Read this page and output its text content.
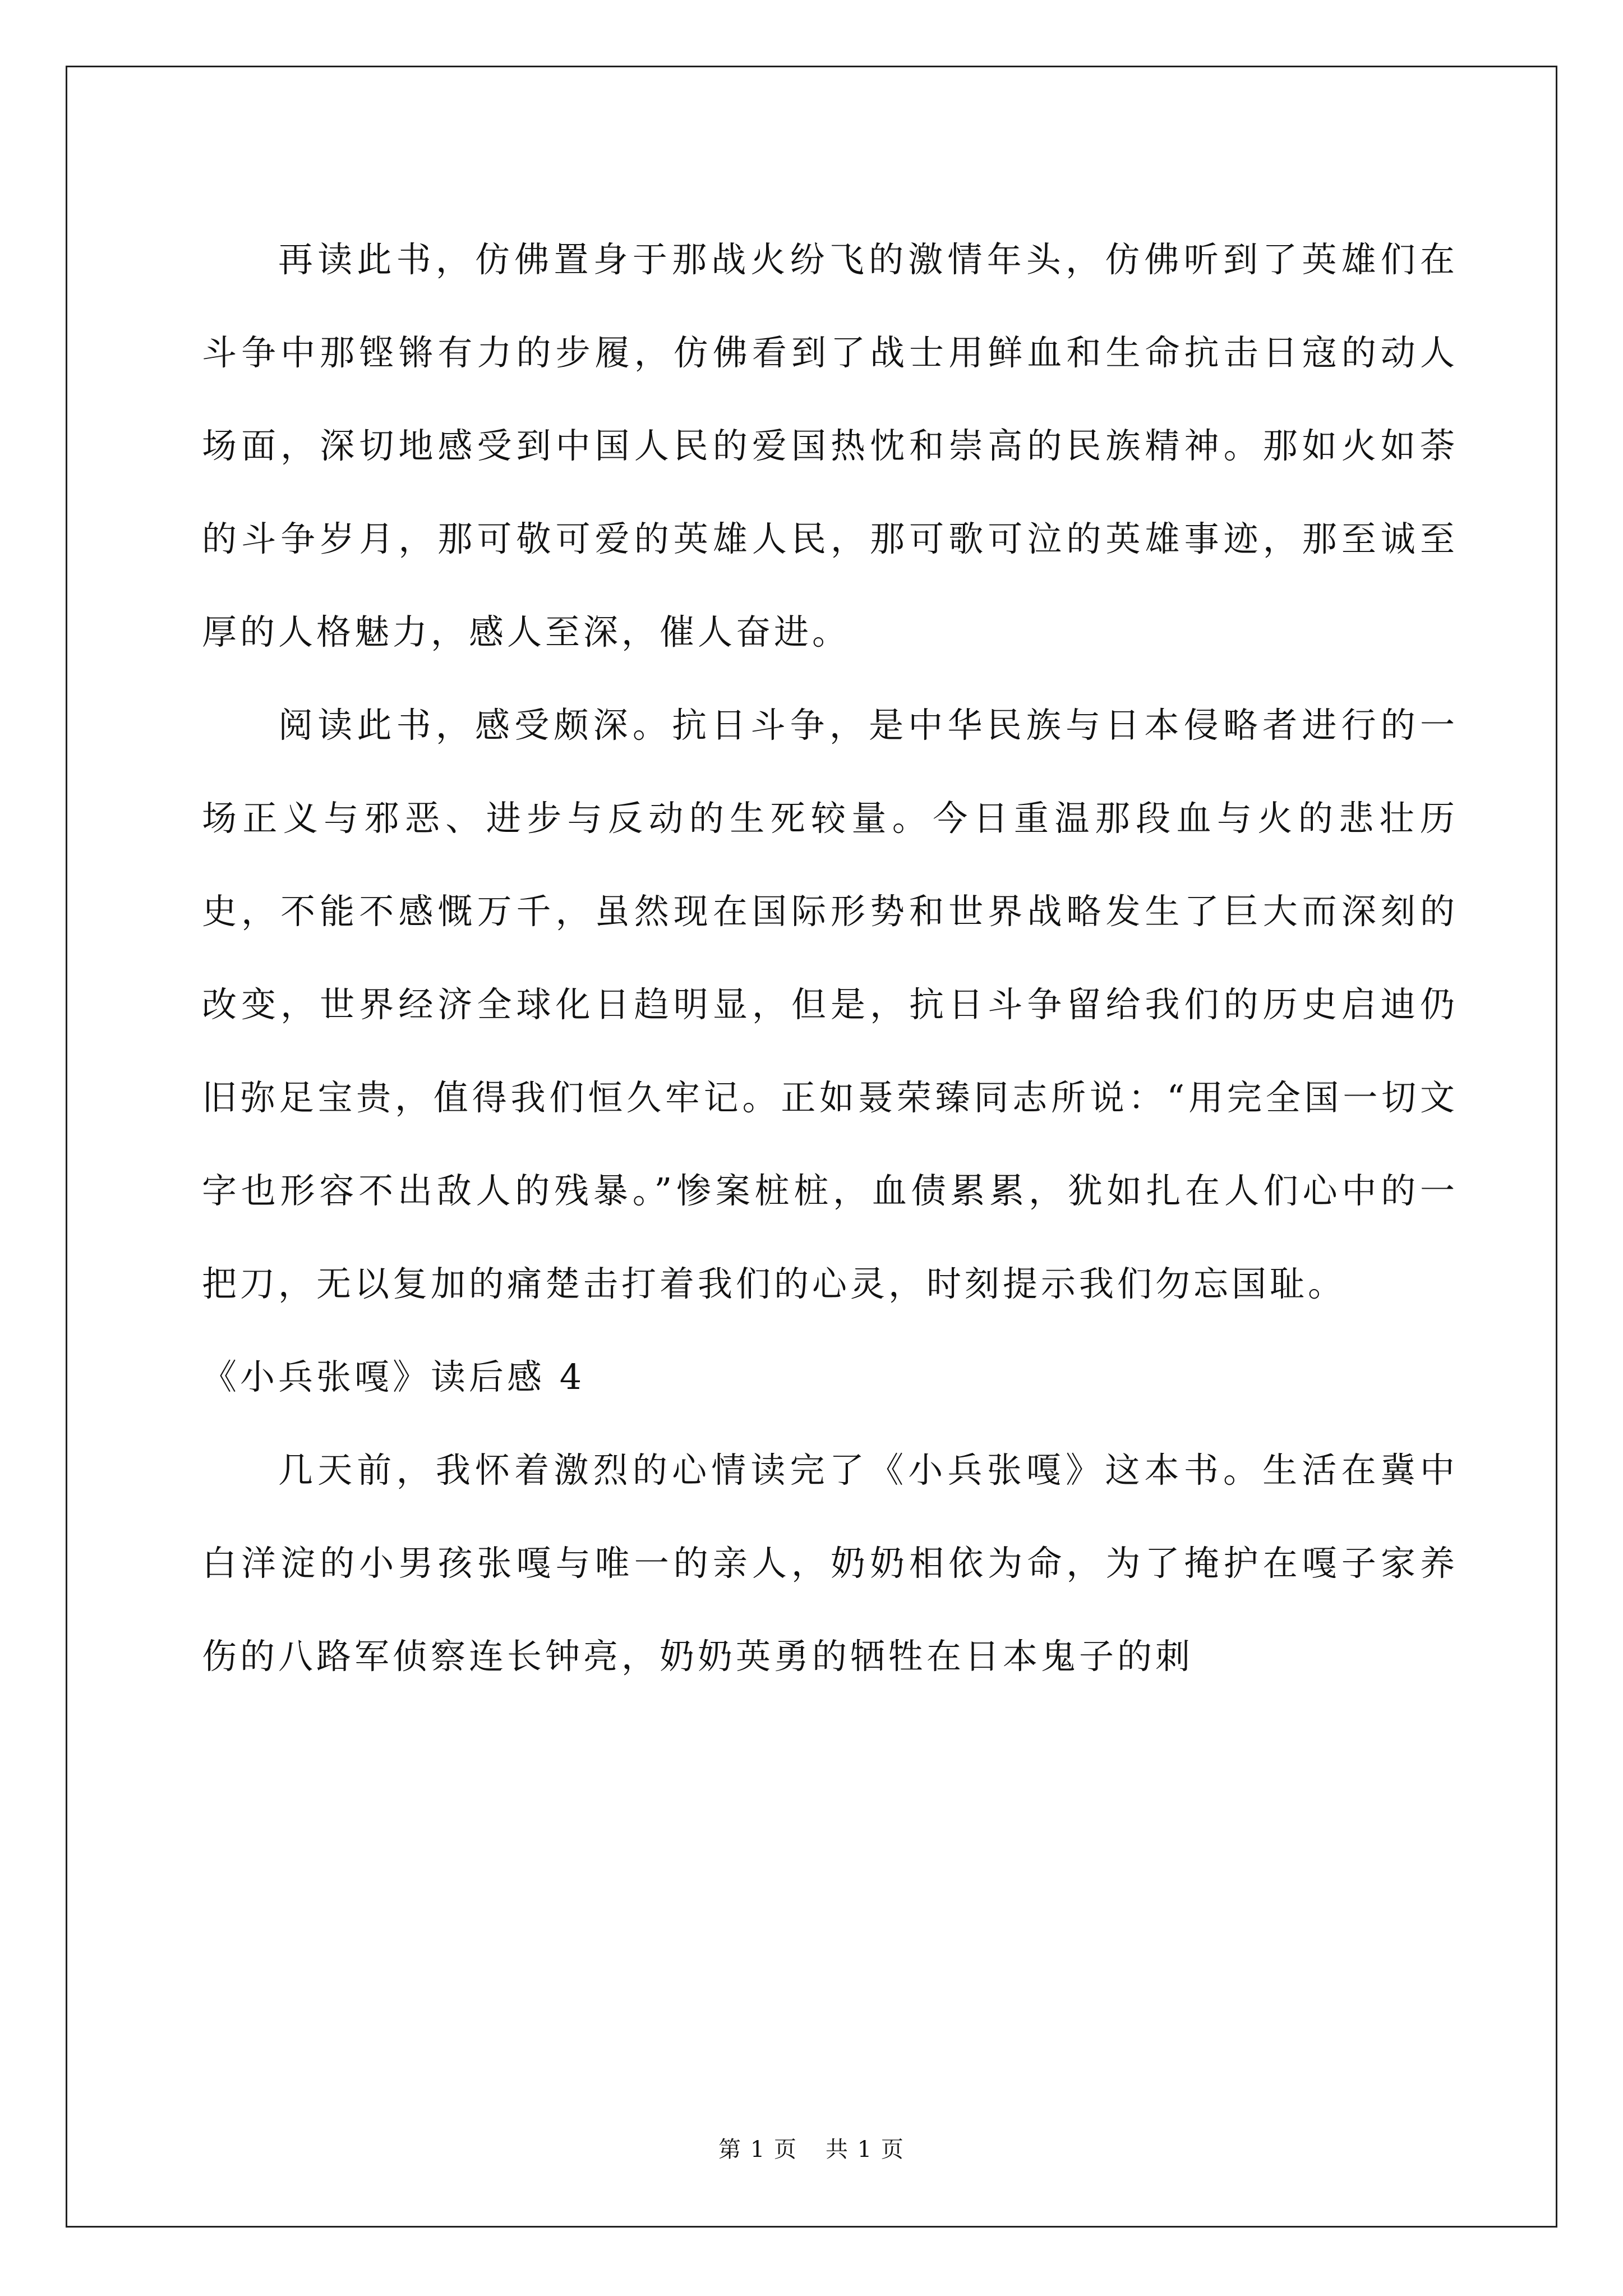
再读此书，仿佛置身于那战火纷飞的激情年头，仿佛听到了英雄们在斗争中那铿锵有力的步履，仿佛看到了战士用鲜血和生命抗击日寇的动人场面，深切地感受到中国人民的爱国热忱和崇高的民族精神。那如火如荼的斗争岁月，那可敬可爱的英雄人民，那可歌可泣的英雄事迹，那至诚至厚的人格魅力，感人至深，催人奋进。

阅读此书，感受颇深。抗日斗争，是中华民族与日本侵略者进行的一场正义与邪恶、进步与反动的生死较量。今日重温那段血与火的悲壮历史，不能不感慨万千，虽然现在国际形势和世界战略发生了巨大而深刻的改变，世界经济全球化日趋明显，但是，抗日斗争留给我们的历史启迪仍旧弥足宝贵，值得我们恒久牢记。正如聂荣臻同志所说：“用完全国一切文字也形容不出敌人的残暴。”惨案桩桩，血债累累，犹如扎在人们心中的一把刀，无以复加的痛楚击打着我们的心灵，时刻提示我们勿忘国耻。

《小兵张嘎》读后感 4

几天前，我怀着激烈的心情读完了《小兵张嘎》这本书。生活在冀中白洋淀的小男孩张嘎与唯一的亲人，奶奶相依为命，为了掩护在嘎子家养伤的八路军侦察连长钟亮，奶奶英勇的牺牲在日本鬼子的刺

第 1 页 共 1 页
